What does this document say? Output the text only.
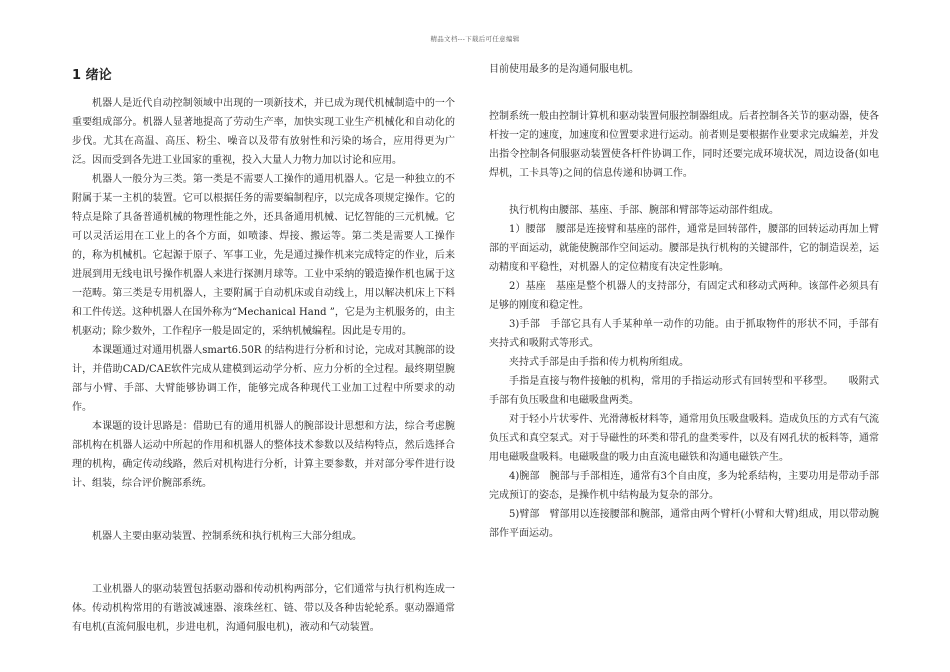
精品文档---下载后可任意编辑
1 绪论

机器人是近代自动控制领域中出现的一项新技术，并已成为现代机械制造中的一个重要组成部分。机器人显著地提高了劳动生产率，加快实现工业生产机械化和自动化的步伐。尤其在高温、高压、粉尘、噪音以及带有放射性和污染的场合，应用得更为广泛。因而受到各先进工业国家的重视，投入大量人力物力加以讨论和应用。

机器人一般分为三类。第一类是不需要人工操作的通用机器人。它是一种独立的不附属于某一主机的装置。它可以根据任务的需要编制程序，以完成各项规定操作。它的特点是除了具备普通机械的物理性能之外，还具备通用机械、记忆智能的三元机械。它可以灵活运用在工业上的各个方面，如喷漆、焊接、搬运等。第二类是需要人工操作的，称为机械机。它起源于原子、军事工业，先是通过操作机来完成特定的作业，后来进展到用无线电讯号操作机器人来进行探测月球等。工业中采纳的锻造操作机也属于这一范畴。第三类是专用机器人，主要附属于自动机床或自动线上，用以解决机床上下料和工件传送。这种机器人在国外称为“Mechanical Hand ”，它是为主机服务的，由主机驱动；除少数外，工作程序一般是固定的，采纳机械编程。因此是专用的。

本课题通过对通用机器人smart6.50R 的结构进行分析和讨论，完成对其腕部的设计，并借助CAD/CAE软件完成从建模到运动学分析、应力分析的全过程。最终期望腕部与小臂、手部、大臂能够协调工作，能够完成各种现代工业加工过程中所要求的动作。

本课题的设计思路是：借助已有的通用机器人的腕部设计思想和方法，综合考虑腕部机构在机器人运动中所起的作用和机器人的整体技术参数以及结构特点，然后选择合理的机构，确定传动线路，然后对机构进行分析，计算主要参数，并对部分零件进行设计、组装，综合评价腕部系统。

机器人主要由驱动装置、控制系统和执行机构三大部分组成。

工业机器人的驱动装置包括驱动器和传动机构两部分，它们通常与执行机构连成一体。传动机构常用的有谐波减速器、滚珠丝杠、链、带以及各种齿轮轮系。驱动器通常有电机(直流伺服电机，步进电机，沟通伺服电机)，液动和气动装置。

目前使用最多的是沟通伺服电机。

控制系统一般由控制计算机和驱动装置伺服控制器组成。后者控制各关节的驱动器，使各杆按一定的速度，加速度和位置要求进行运动。前者则是要根据作业要求完成编差，并发出指令控制各伺服驱动装置使各杆件协调工作，同时还要完成环境状况，周边设备(如电焊机，工卡具等)之间的信息传递和协调工作。

执行机构由腰部、基座、手部、腕部和臂部等运动部件组成。

1）腰部　腰部是连接臂和基座的部件，通常是回转部件，腰部的回转运动再加上臂部的平面运动，就能使腕部作空间运动。腰部是执行机构的关键部件，它的制造误差，运动精度和平稳性，对机器人的定位精度有决定性影响。

2）基座　基座是整个机器人的支持部分，有固定式和移动式两种。该部件必须具有足够的刚度和稳定性。

3)手部　手部它具有人手某种单一动作的功能。由于抓取物件的形状不同，手部有夹持式和吸附式等形式。

夹持式手部是由手指和传力机构所组成。

手指是直接与物件接触的机构，常用的手指运动形式有回转型和平移型。　　吸附式手部有负压吸盘和电磁吸盘两类。

对于轻小片状零件、光滑薄板材料等，通常用负压吸盘吸料。造成负压的方式有气流负压式和真空泵式。对于导磁性的环类和带孔的盘类零件，以及有网孔状的板料等，通常用电磁吸盘吸料。电磁吸盘的吸力由直流电磁铁和沟通电磁铁产生。

4)腕部　腕部与手部相连，通常有3个自由度，多为轮系结构，主要功用是带动手部完成预订的姿态，是操作机中结构最为复杂的部分。

5)臂部　臂部用以连接腰部和腕部，通常由两个臂杆(小臂和大臂)组成，用以带动腕部作平面运动。
